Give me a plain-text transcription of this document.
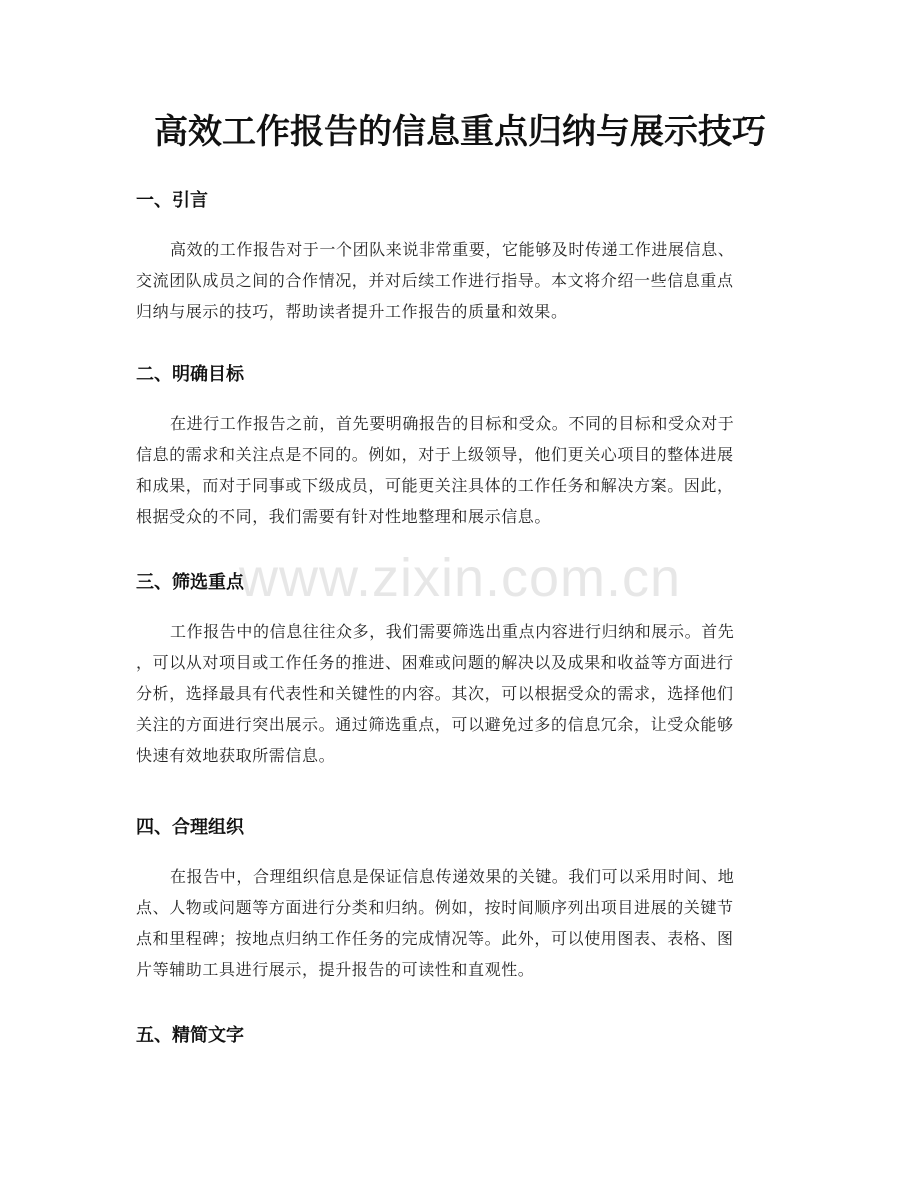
高效工作报告的信息重点归纳与展示技巧
www.zixin.com.cn
一、引言

高效的工作报告对于一个团队来说非常重要，它能够及时传递工作进展信息、
交流团队成员之间的合作情况，并对后续工作进行指导。本文将介绍一些信息重点
归纳与展示的技巧，帮助读者提升工作报告的质量和效果。

二、明确目标

在进行工作报告之前，首先要明确报告的目标和受众。不同的目标和受众对于
信息的需求和关注点是不同的。例如，对于上级领导，他们更关心项目的整体进展
和成果，而对于同事或下级成员，可能更关注具体的工作任务和解决方案。因此，
根据受众的不同，我们需要有针对性地整理和展示信息。

三、筛选重点

工作报告中的信息往往众多，我们需要筛选出重点内容进行归纳和展示。首先
，可以从对项目或工作任务的推进、困难或问题的解决以及成果和收益等方面进行
分析，选择最具有代表性和关键性的内容。其次，可以根据受众的需求，选择他们
关注的方面进行突出展示。通过筛选重点，可以避免过多的信息冗余，让受众能够
快速有效地获取所需信息。

四、合理组织

在报告中，合理组织信息是保证信息传递效果的关键。我们可以采用时间、地
点、人物或问题等方面进行分类和归纳。例如，按时间顺序列出项目进展的关键节
点和里程碑；按地点归纳工作任务的完成情况等。此外，可以使用图表、表格、图
片等辅助工具进行展示，提升报告的可读性和直观性。

五、精简文字
